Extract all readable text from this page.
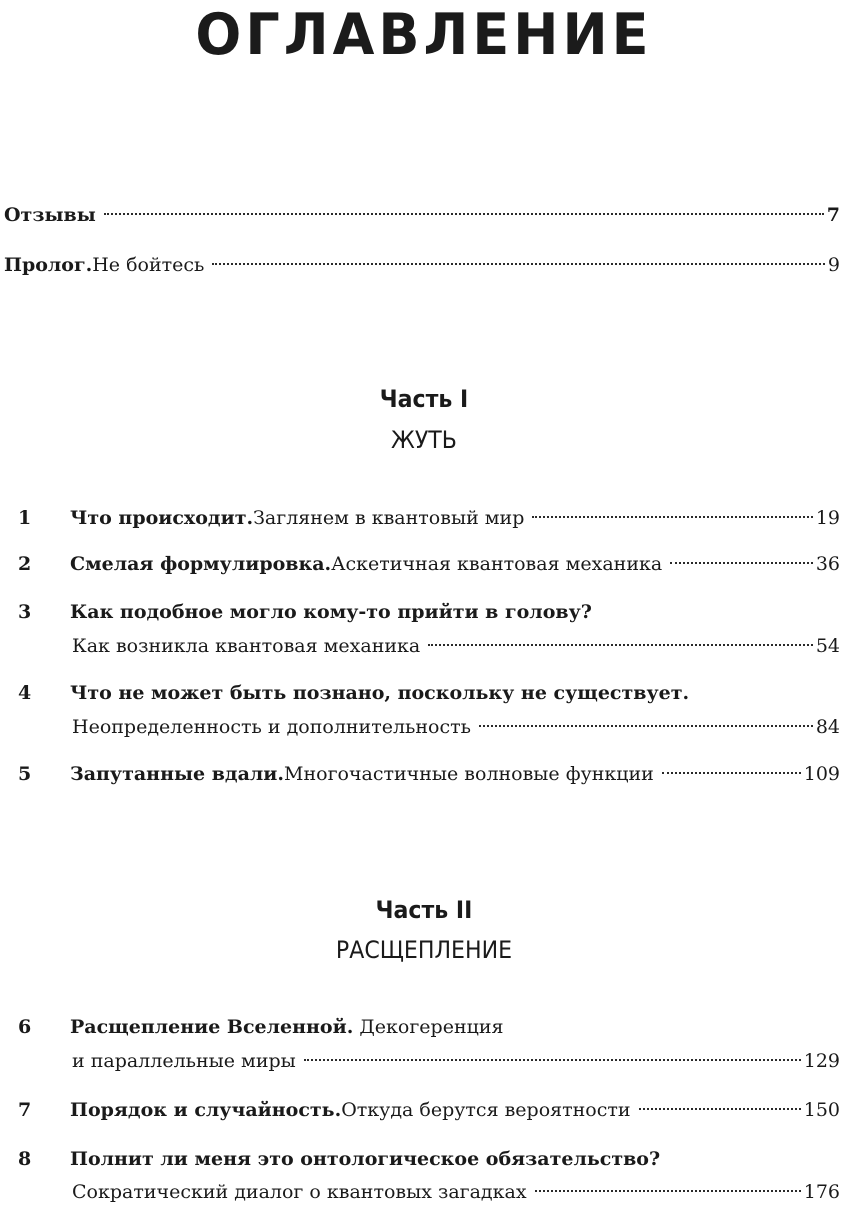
ОГЛАВЛЕНИЕ
Отзывы	7
Пролог. Не бойтесь	9
Часть I
ЖУТЬ
1	Что происходит. Заглянем в квантовый мир	19
2	Смелая формулировка. Аскетичная квантовая механика	36
3	Как подобное могло кому-то прийти в голову?
Как возникла квантовая механика	54
4	Что не может быть познано, поскольку не существует.
Неопределенность и дополнительность	84
5	Запутанные вдали. Многочастичные волновые функции	109
Часть II
РАСЩЕПЛЕНИЕ
6	Расщепление Вселенной. Декогеренция
и параллельные миры	129
7	Порядок и случайность. Откуда берутся вероятности	150
8	Полнит ли меня это онтологическое обязательство?
Сократический диалог о квантовых загадках	176
